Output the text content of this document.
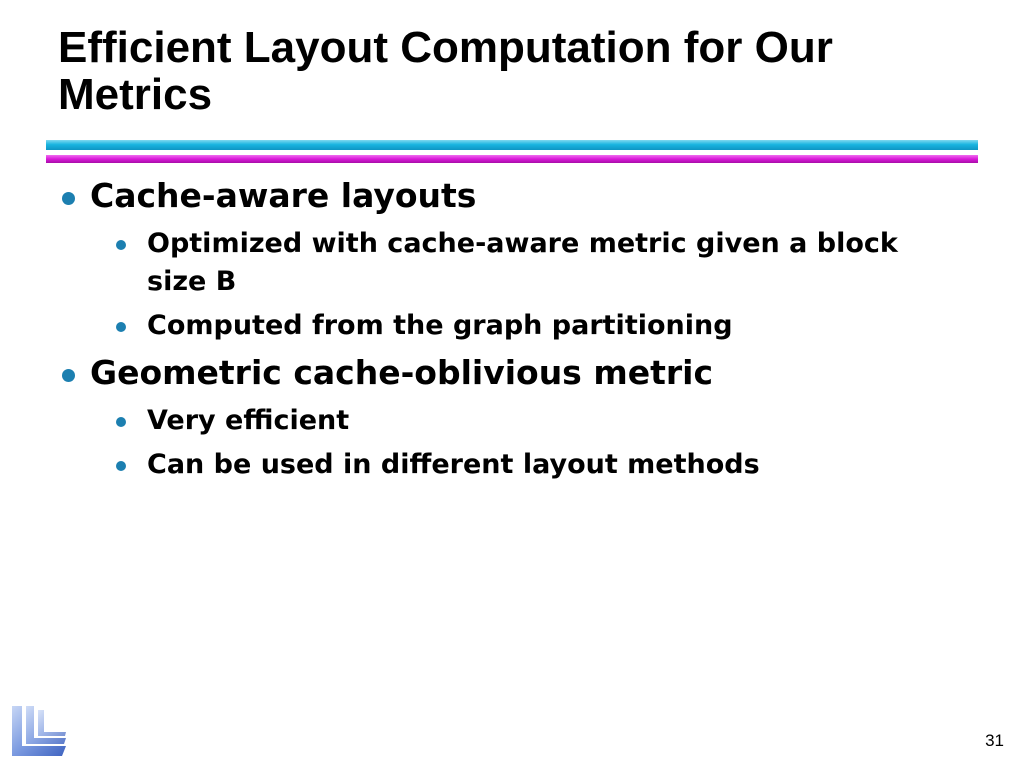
Efficient Layout Computation for Our Metrics
Cache-aware layouts
Optimized with cache-aware metric given a block size B
Computed from the graph partitioning
Geometric cache-oblivious metric
Very efficient
Can be used in different layout methods
31
